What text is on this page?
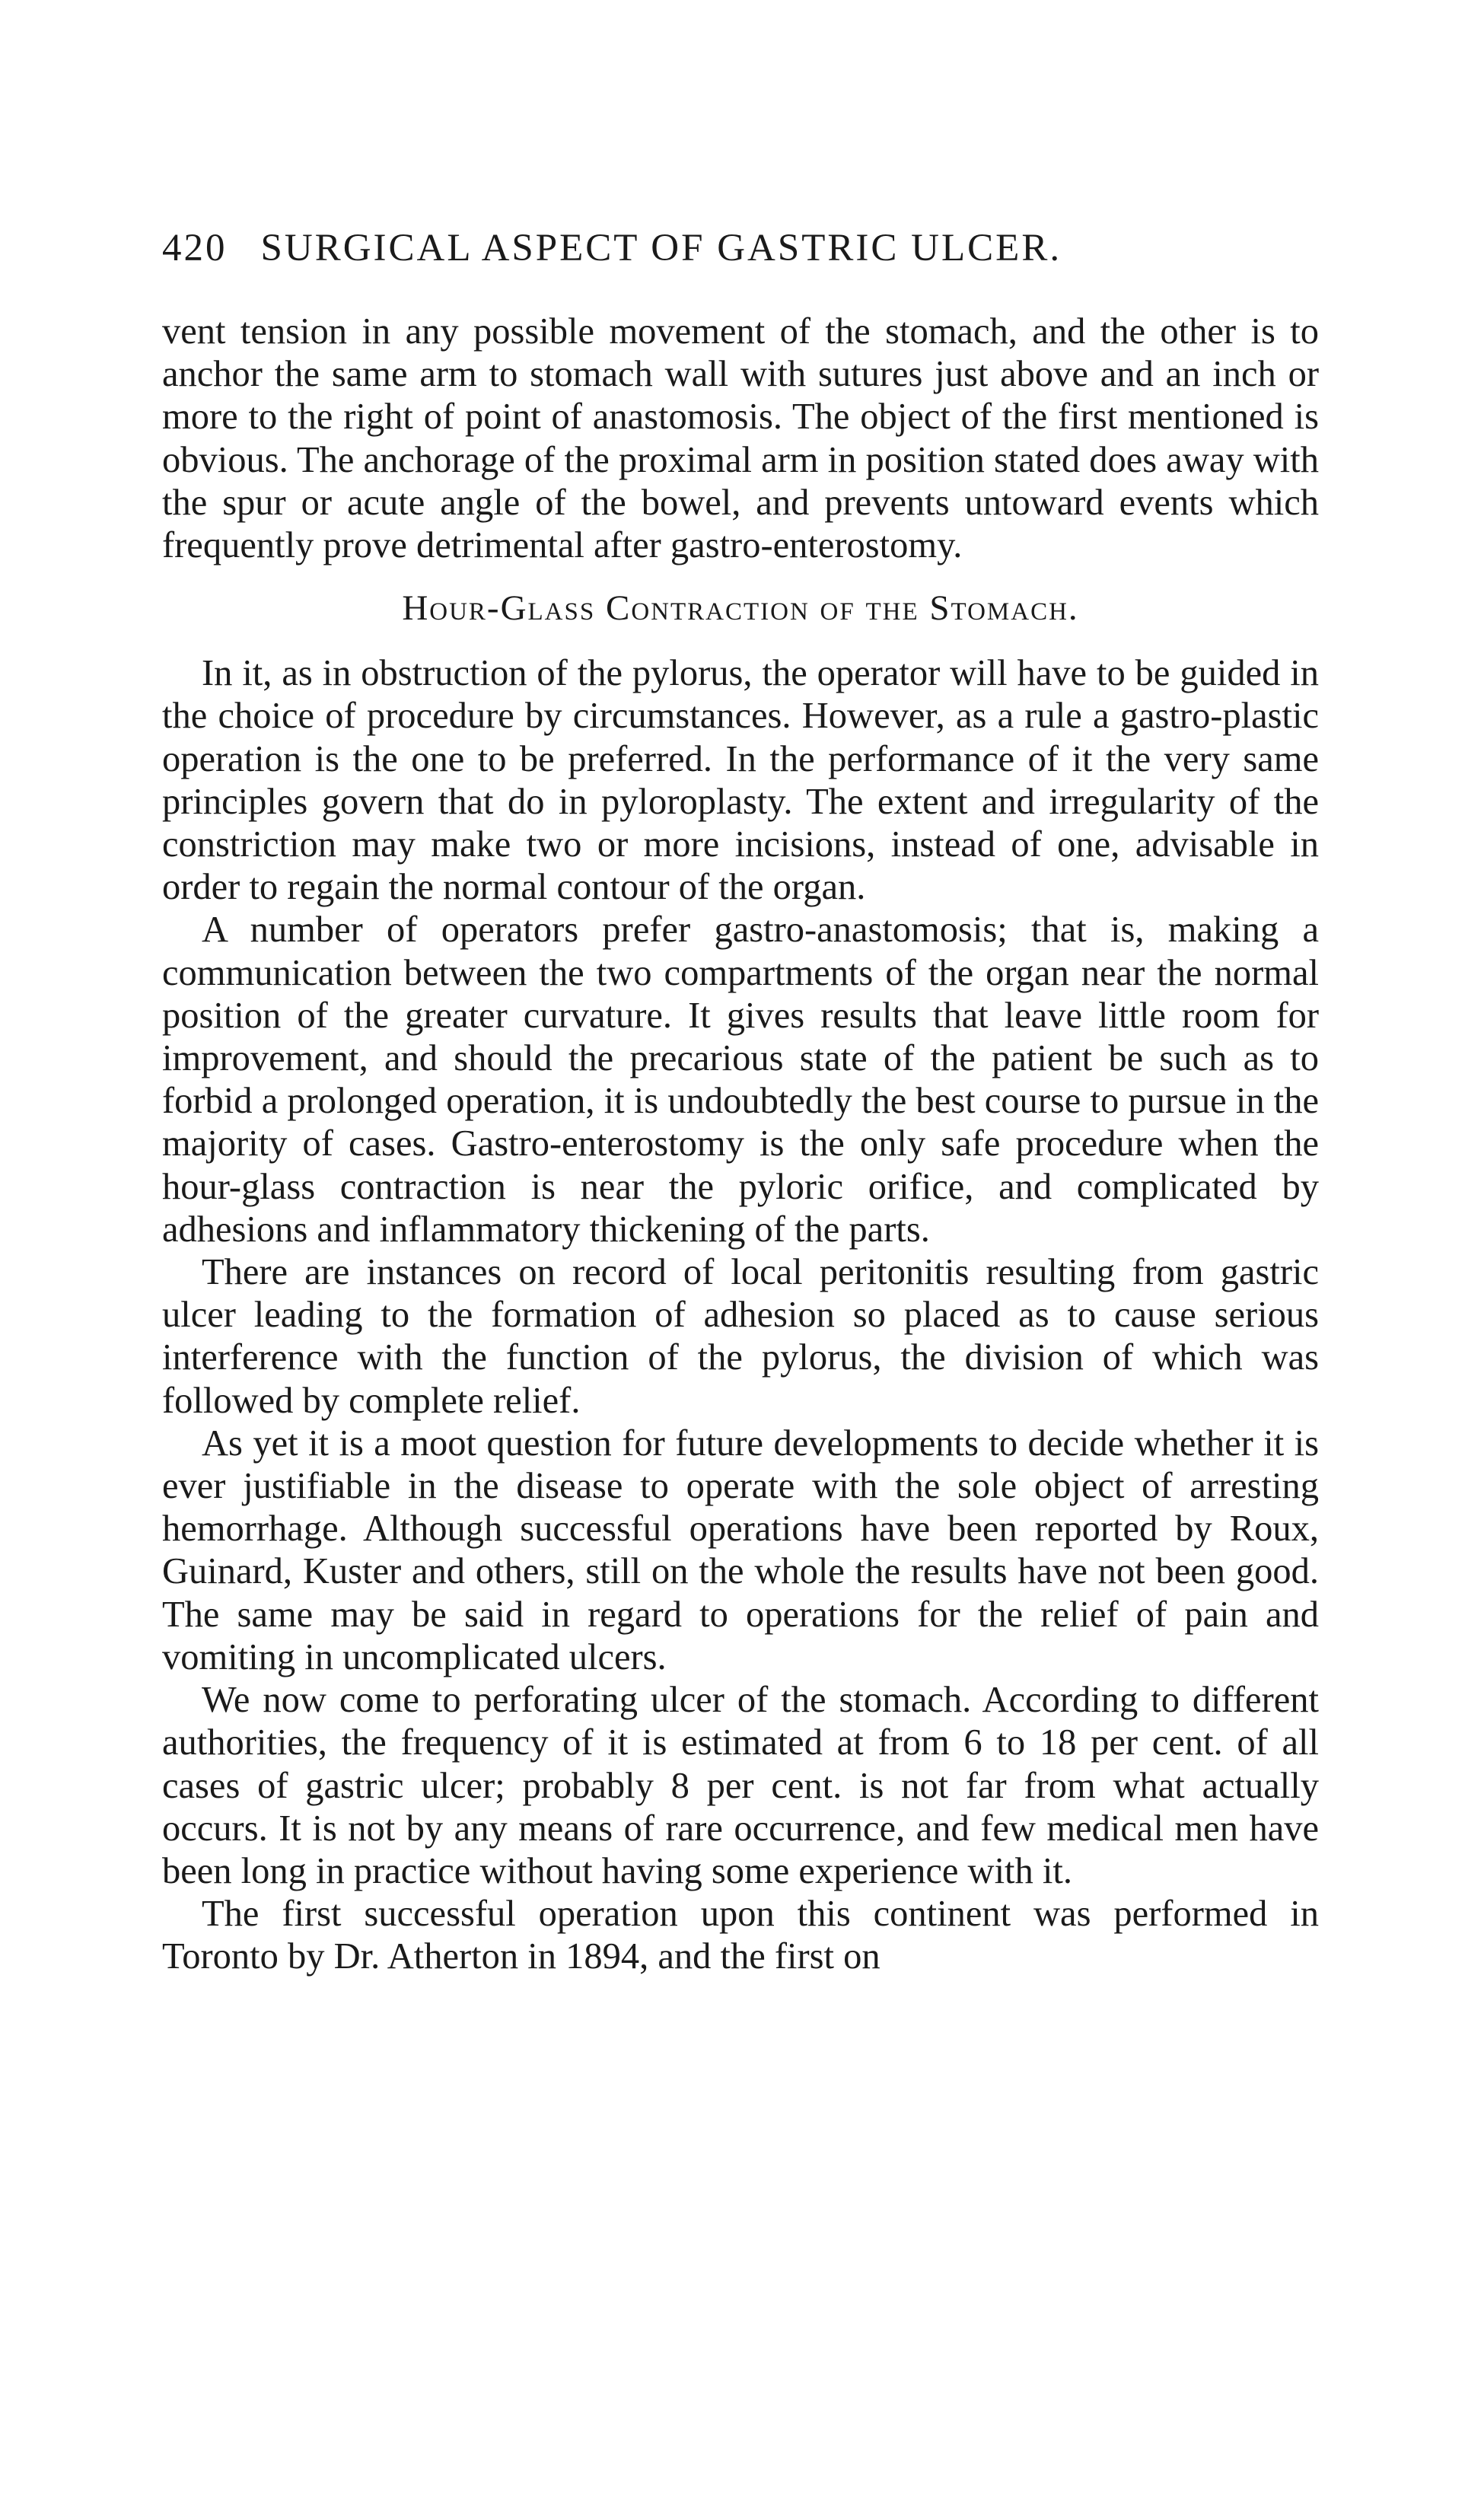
420 SURGICAL ASPECT OF GASTRIC ULCER.

vent tension in any possible movement of the stomach, and the other is to anchor the same arm to stomach wall with sutures just above and an inch or more to the right of point of anastomosis. The object of the first mentioned is obvious. The anchorage of the proximal arm in position stated does away with the spur or acute angle of the bowel, and prevents untoward events which frequently prove detrimental after gastro-enterostomy.

Hour-Glass Contraction of the Stomach.

In it, as in obstruction of the pylorus, the operator will have to be guided in the choice of procedure by circumstances. However, as a rule a gastro-plastic operation is the one to be preferred. In the performance of it the very same principles govern that do in pyloroplasty. The extent and irregularity of the constriction may make two or more incisions, instead of one, advisable in order to regain the normal contour of the organ.

A number of operators prefer gastro-anastomosis; that is, making a communication between the two compartments of the organ near the normal position of the greater curvature. It gives results that leave little room for improvement, and should the precarious state of the patient be such as to forbid a prolonged operation, it is undoubtedly the best course to pursue in the majority of cases. Gastro-enterostomy is the only safe procedure when the hour-glass contraction is near the pyloric orifice, and complicated by adhesions and inflammatory thickening of the parts.

There are instances on record of local peritonitis resulting from gastric ulcer leading to the formation of adhesion so placed as to cause serious interference with the function of the pylorus, the division of which was followed by complete relief.

As yet it is a moot question for future developments to decide whether it is ever justifiable in the disease to operate with the sole object of arresting hemorrhage. Although successful operations have been reported by Roux, Guinard, Kuster and others, still on the whole the results have not been good. The same may be said in regard to operations for the relief of pain and vomiting in uncomplicated ulcers.

We now come to perforating ulcer of the stomach. According to different authorities, the frequency of it is estimated at from 6 to 18 per cent. of all cases of gastric ulcer; probably 8 per cent. is not far from what actually occurs. It is not by any means of rare occurrence, and few medical men have been long in practice without having some experience with it.

The first successful operation upon this continent was performed in Toronto by Dr. Atherton in 1894, and the first on
